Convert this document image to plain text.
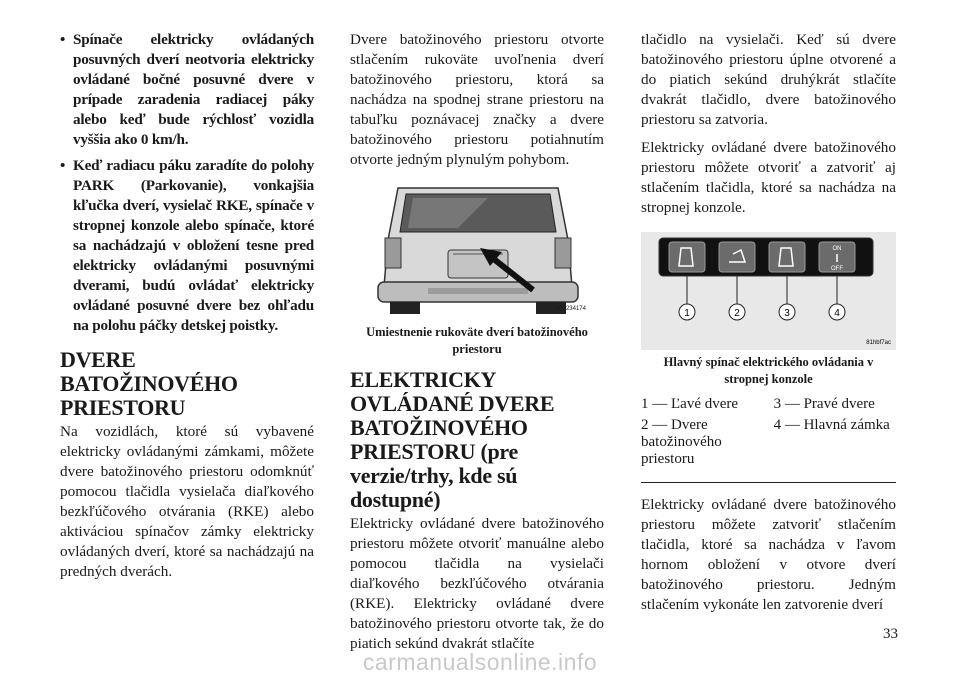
• Spínače elektricky ovládaných posuvných dverí neotvoria elektricky ovládané bočné posuvné dvere v prípade zaradenia radiacej páky alebo keď bude rýchlosť vozidla vyššia ako 0 km/h.
• Keď radiacu páku zaradíte do polohy PARK (Parkovanie), vonkajšia kľučka dverí, vysielač RKE, spínače v stropnej konzole alebo spínače, ktoré sa nachádzajú v obložení tesne pred elektricky ovládanými posuvnými dverami, budú ovládať elektricky ovládané posuvné dvere bez ohľadu na polohu páčky detskej poistky.
DVERE BATOŽINOVÉHO PRIESTORU

Na vozidlách, ktoré sú vybavené elektricky ovládanými zámkami, môžete dvere batožinového priestoru odomknúť pomocou tlačidla vysielača diaľkového bezkľúčového otvárania (RKE) alebo aktiváciou spínačov zámky elektricky ovládaných dverí, ktoré sa nachádzajú na predných dverách.

Dvere batožinového priestoru otvorte stlačením rukoväte uvoľnenia dverí batožinového priestoru, ktorá sa nachádza na spodnej strane priestoru na tabuľku poznávacej značky a dvere batožinového priestoru potiahnutím otvorte jedným plynulým pohybom.

022234174
Umiestnenie rukoväte dverí batožinového priestoru
ELEKTRICKY OVLÁDANÉ DVERE BATOŽINOVÉHO PRIESTORU (pre verzie/trhy, kde sú dostupné)

Elektricky ovládané dvere batožinového priestoru môžete otvoriť manuálne alebo pomocou tlačidla na vysielači diaľkového bezkľúčového otvárania (RKE). Elektricky ovládané dvere batožinového priestoru otvorte tak, že do piatich sekúnd dvakrát stlačíte

tlačidlo na vysielači. Keď sú dvere batožinového priestoru úplne otvorené a do piatich sekúnd druhýkrát stlačíte dvakrát tlačidlo, dvere batožinového priestoru sa zatvoria.

Elektricky ovládané dvere batožinového priestoru môžete otvoriť a zatvoriť aj stlačením tlačidla, ktoré sa nachádza na stropnej konzole.

ON
OFF
1	2	3	4
81hbf7ac
Hlavný spínač elektrického ovládania v stropnej konzole
1 — Ľavé dvere	3 — Pravé dvere
2 — Dvere batožinového priestoru	4 — Hlavná zámka

Elektricky ovládané dvere batožinového priestoru môžete zatvoriť stlačením tlačidla, ktoré sa nachádza v ľavom hornom obložení v otvore dverí batožinového priestoru. Jedným stlačením vykonáte len zatvorenie dverí

33
carmanualsonline.info
